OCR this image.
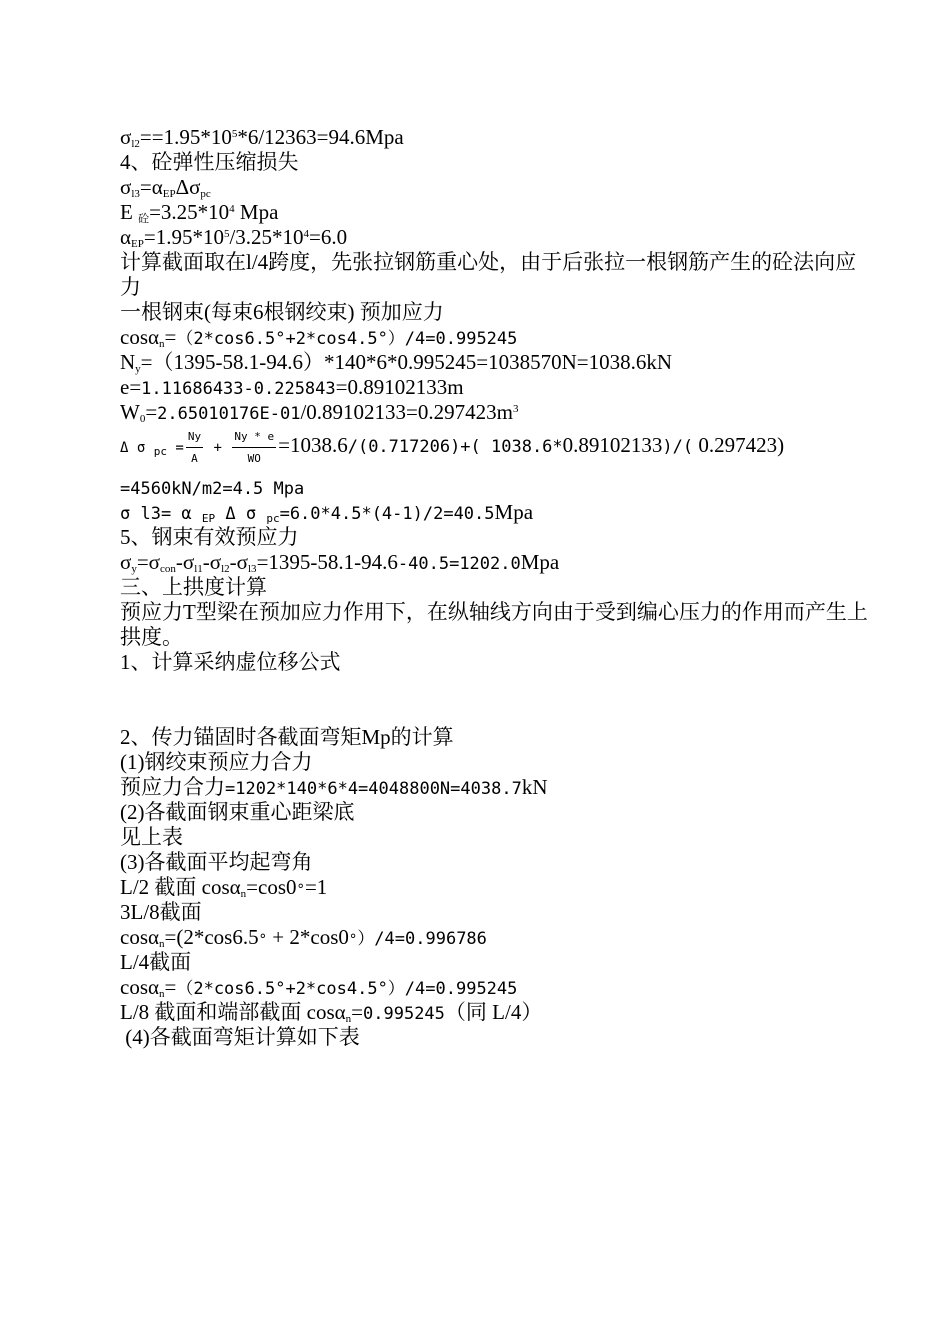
$\sigma_{l2}==1.95*10^5*6/12363=94.6Mpa$
4、砼弹性压缩损失
$\sigma_{l3}=\alpha_{EP}\Delta\sigma_{pc}$
E $_砼=3.25*10^4$ Mpa
$\alpha_{EP}=1.95*10^5/3.25*10^4=6.0$
计算截面取在l/4跨度，先张拉钢筋重心处，由于后张拉一根钢筋产生的砼法向应力
一根钢束(每束6根钢绞束) 预加应力
cosα$_n$=（2*cos6.5°+2*cos4.5°）/4=0.995245
$N_y=(1395-58.1-94.6)*140*6*0.995245=1038570N=1038.6kN$
e=1.11686433-0.225843=0.89102133m
$W_0=2.65010176E-01/0.89102133=0.297423m^3$
Δ σ $_{pc} = \frac{Ny}{A} + \frac{Ny * e}{WO} =1038.6/(0.717206)+$( 1038.6*0.89102133)/( 0.297423)
=4560kN/m2=4.5 Mpa
σ l3= α $_{EP}$ Δ σ $_{pc}$=6.0*4.5*(4-1)/2=40.5Mpa
5、钢束有效预应力
$\sigma_y=\sigma_{con}-\sigma_{l1}-\sigma_{l2}-\sigma_{l3}=1395-58.1-94.6-40.5=1202.0Mpa$
三、上拱度计算
预应力T型梁在预加应力作用下，在纵轴线方向由于受到编心压力的作用而产生上拱度。
1、计算采纳虚位移公式
2、传力锚固时各截面弯矩Mp的计算
(1)钢绞束预应力合力
预应力合力=1202*140*6*4=4048800N=4038.7kN
(2)各截面钢束重心距梁底
见上表
(3)各截面平均起弯角
L/2 截面 cosα$_n$=cos0°=1
3L/8截面
cosα$_n$=(2*cos6.5° + 2*cos0°）/4=0.996786
L/4截面
cosα$_n$=（2*cos6.5°+2*cos4.5°）/4=0.995245
L/8 截面和端部截面 cosα$_n$=0.995245（同 L/4）
(4)各截面弯矩计算如下表
